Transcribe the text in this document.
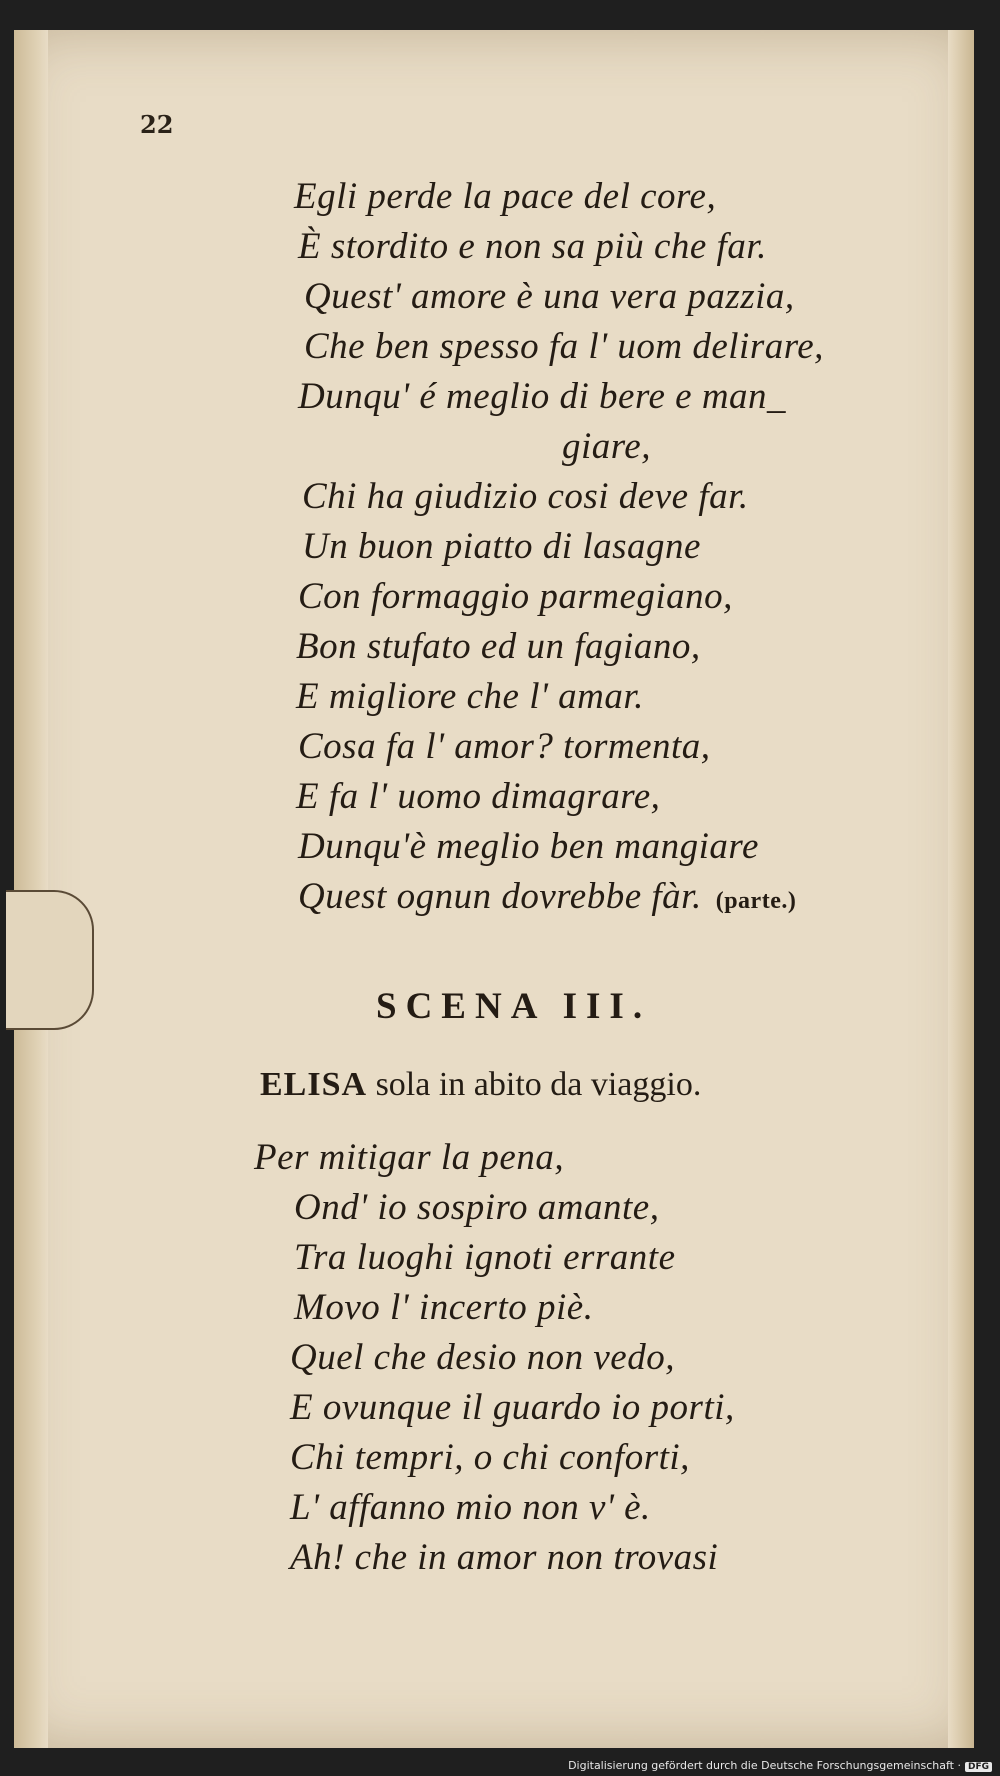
22

Egli perde la pace del core,

È stordito e non sa più che far.

Quest' amore è una vera pazzia,

Che ben spesso fa l' uom delirare,

Dunqu' é meglio di bere e man_

giare,

Chi ha giudizio cosi deve far.

Un buon piatto di lasagne

Con formaggio parmegiano,

Bon stufato ed un fagiano,

E migliore che l' amar.

Cosa fa l' amor? tormenta,

E fa l' uomo dimagrare,

Dunqu'è meglio ben mangiare

Quest ognun dovrebbe fàr. (parte.)

SCENA III.

ELISA sola in abito da viaggio.

Per mitigar la pena,

Ond' io sospiro amante,

Tra luoghi ignoti errante

Movo l' incerto piè.

Quel che desio non vedo,

E ovunque il guardo io porti,

Chi tempri, o chi conforti,

L' affanno mio non v' è.

Ah! che in amor non trovasi

Digitalisierung gefördert durch die Deutsche Forschungsgemeinschaft · DFG
